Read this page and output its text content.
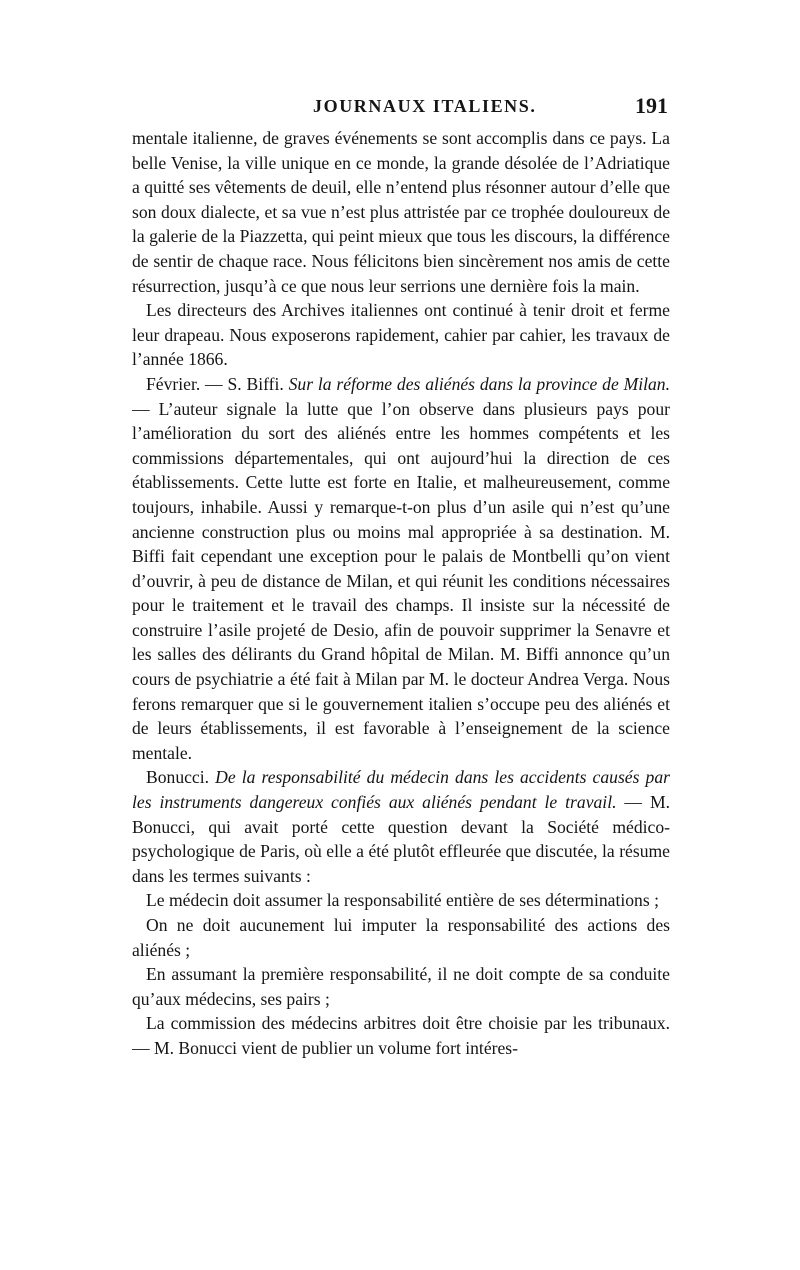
JOURNAUX ITALIENS.	191

mentale italienne, de graves événements se sont accomplis dans ce pays. La belle Venise, la ville unique en ce monde, la grande désolée de l’Adriatique a quitté ses vêtements de deuil, elle n’entend plus résonner autour d’elle que son doux dialecte, et sa vue n’est plus attristée par ce trophée douloureux de la galerie de la Piazzetta, qui peint mieux que tous les discours, la différence de sentir de chaque race. Nous félicitons bien sincèrement nos amis de cette résurrection, jusqu’à ce que nous leur serrions une dernière fois la main.

Les directeurs des Archives italiennes ont continué à tenir droit et ferme leur drapeau. Nous exposerons rapidement, cahier par cahier, les travaux de l’année 1866.

Février. — S. Biffi. Sur la réforme des aliénés dans la province de Milan. — L’auteur signale la lutte que l’on observe dans plusieurs pays pour l’amélioration du sort des aliénés entre les hommes compétents et les commissions départementales, qui ont aujourd’hui la direction de ces établissements. Cette lutte est forte en Italie, et malheureusement, comme toujours, inhabile. Aussi y remarque-t-on plus d’un asile qui n’est qu’une ancienne construction plus ou moins mal appropriée à sa destination. M. Biffi fait cependant une exception pour le palais de Montbelli qu’on vient d’ouvrir, à peu de distance de Milan, et qui réunit les conditions nécessaires pour le traitement et le travail des champs. Il insiste sur la nécessité de construire l’asile projeté de Desio, afin de pouvoir supprimer la Senavre et les salles des délirants du Grand hôpital de Milan. M. Biffi annonce qu’un cours de psychiatrie a été fait à Milan par M. le docteur Andrea Verga. Nous ferons remarquer que si le gouvernement italien s’occupe peu des aliénés et de leurs établissements, il est favorable à l’enseignement de la science mentale.

Bonucci. De la responsabilité du médecin dans les accidents causés par les instruments dangereux confiés aux aliénés pendant le travail. — M. Bonucci, qui avait porté cette question devant la Société médico-psychologique de Paris, où elle a été plutôt effleurée que discutée, la résume dans les termes suivants :

Le médecin doit assumer la responsabilité entière de ses déterminations ;

On ne doit aucunement lui imputer la responsabilité des actions des aliénés ;

En assumant la première responsabilité, il ne doit compte de sa conduite qu’aux médecins, ses pairs ;

La commission des médecins arbitres doit être choisie par les tribunaux. — M. Bonucci vient de publier un volume fort intéres-
